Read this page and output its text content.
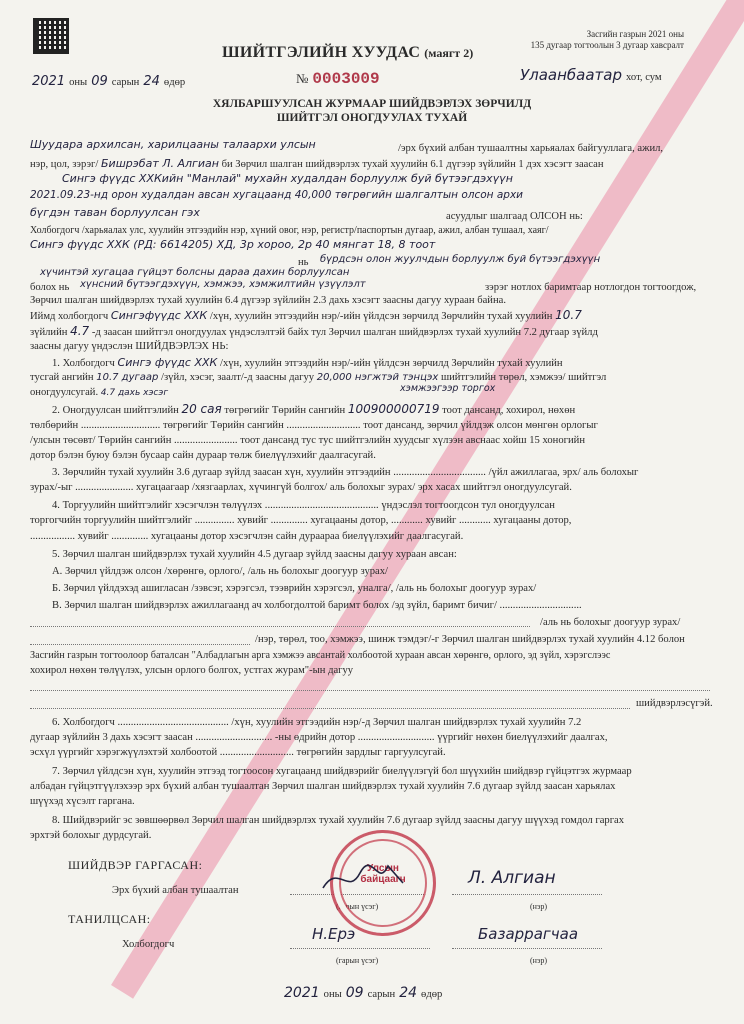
Засгийн газрын 2021 оны
135 дугаар тогтоолын 3 дугаар хавсралт
ШИЙТГЭЛИЙН ХУУДАС (маягт 2)
2021 оны 09 сарын 24 өдөр	№ 0003009	Улаанбаатар хот, сум
ХЯЛБАРШУУЛСАН ЖУРМААР ШИЙДВЭРЛЭХ ЗӨРЧИЛД
ШИЙТГЭЛ ОНОГДУУЛАХ ТУХАЙ
Шуудара архилсан, харилцааны талаархи улсын	/эрх бүхий албан тушаалтны харьяалах байгууллага, ажил,
нэр, цол, зэрэг/ Бишрэбат Л. Алгиан би Зөрчил шалган шийдвэрлэх тухай хуулийн 6.1 дүгээр зүйлийн 1 дэх хэсэгт заасан
Сингэ фүүдс ХХКийн "Манлай" мухайн худалдан борлуулж буй бүтээгдэхүүн
2021.09.23-нд орон худалдан авсан хугацаанд 40,000 төгрөгийн шалгалтын олсон архи
бүгдэн таван борлуулсан гэх	асуудлыг шалгаад ОЛСОН нь:
Холбогдогч /харьяалах улс, хуулийн этгээдийн нэр, хүний овог, нэр, регистр/паспортын дугаар, ажил, албан тушаал, хаяг/
Сингэ фүүдс ХХК (РД: 6614205) ХД, 3р хороо, 2р 40 мянгат 18, 8 тоот
нь бүрдсэн олон жуулчдын борлуулж буй бүтээгдэхүүн
хүчинтэй хугацаа гүйцэт болсны дараа дахин борлуулсан
болох нь хүнсний бүтээгдэхүүн, хэмжээ, хэмжилтийн үзүүлэлт	зэрэг нотлох баримтаар нотлогдон тогтоогдож,
Зөрчил шалган шийдвэрлэх тухай хуулийн 6.4 дүгээр зүйлийн 2.3 дахь хэсэгт заасны дагуу хураан байна.
Иймд холбогдогч Сингэфүүдс ХХК /хүн, хуулийн этгээдийн нэр/-ийн үйлдсэн зөрчилд Зөрчлийн тухай хуулийн 10.7
зүйлийн 4.7 -д заасан шийтгэл оногдуулах үндэслэлтэй байх тул Зөрчил шалган шийдвэрлэх тухай хуулийн 7.2 дугаар зүйлд
заасны дагуу үндэслэн ШИЙДВЭРЛЭХ НЬ:
1. Холбогдогч Сингэ фүүдс ХХК /хүн, хуулийн этгээдийн нэр/-ийн үйлдсэн зөрчилд Зөрчлийн тухай хуулийн
тусгай ангийн 10.7 дугаар /зүйл, хэсэг, заалт/-д заасны дагуу 20,000 нэгжтэй тэнцэх шийтгэлийн төрөл, хэмжээ/ шийтгэл
оногдуулсугай. 4.7 дахь хэсэг	хэмжээгээр торгох
2. Оногдуулсан шийтгэлийн 20 сая төгрөгийг Төрийн сангийн 100900000719 тоот дансанд, хохирол, нөхөн
төлбөрийн .............................. төгрөгийг Төрийн сангийн ............................ тоот дансанд, зөрчил үйлдэж олсон мөнгөн орлогыг
/улсын төсөвт/ Төрийн сангийн ........................ тоот дансанд тус тус шийтгэлийн хуудсыг хүлээн авснаас хойш 15 хоногийн
дотор бэлэн буюу бэлэн бусаар сайн дураар төлж биелүүлэхийг даалгасугай.
3. Зөрчлийн тухай хуулийн 3.6 дугаар зүйлд заасан хүн, хуулийн этгээдийн ................................... /үйл ажиллагаа, эрх/ аль болохыг
зурах/-ыг ...................... хугацаагаар /хязгаарлах, хүчингүй болгох/ аль болохыг зурах/ эрх хасах шийтгэл оногдуулсугай.
4. Торгуулийн шийтгэлийг хэсэгчлэн төлүүлэх ........................................... үндэслэл тогтоогдсон тул оногдуулсан
торгогчийн торгуулийн шийтгэлийг ............... хувийг .............. хугацааны дотор, ............ хувийг ............ хугацааны дотор,
................. хувийг .............. хугацааны дотор хэсэгчлэн сайн дураараа биелүүлэхийг даалгасугай.
5. Зөрчил шалган шийдвэрлэх тухай хуулийн 4.5 дугаар зүйлд заасны дагуу хураан авсан:
А. Зөрчил үйлдэж олсон /хөрөнгө, орлого/, /аль нь болохыг доогуур зурах/
Б. Зөрчил үйлдэхэд ашигласан /зэвсэг, хэрэгсэл, тээврийн хэрэгсэл, уналга/, /аль нь болохыг доогуур зурах/
В. Зөрчил шалган шийдвэрлэх ажиллагаанд ач холбогдолтой баримт болох /эд зүйл, баримт бичиг/ ...............................
/аль нь болохыг доогуур зурах/
/нэр, төрөл, тоо, хэмжээ, шинж тэмдэг/-г Зөрчил шалган шийдвэрлэх тухай хуулийн 4.12 болон
Засгийн газрын тогтоолоор баталсан "Албадлагын арга хэмжээ авсантай холбоотой хураан авсан хөрөнгө, орлого, эд зүйл, хэрэгслээс
хохирол нөхөн төлүүлэх, улсын орлого болгох, устгах журам"-ын дагуу
шийдвэрлэсүгэй.
6. Холбогдогч .......................................... /хүн, хуулийн этгээдийн нэр/-д Зөрчил шалган шийдвэрлэх тухай хуулийн 7.2
дугаар зүйлийн 3 дахь хэсэгт заасан ............................. -ны өдрийн дотор ............................. үүргийг нөхөн биелүүлэхийг даалгах,
эсхүл үүргийг хэрэгжүүлэхтэй холбоотой ............................ төгрөгийн зардлыг гаргуулсугай.
7. Зөрчил үйлдсэн хүн, хуулийн этгээд тогтоосон хугацаанд шийдвэрийг биелүүлэгүй бол шүүхийн шийдвэр гүйцэтгэх журмаар
албадан гүйцэтгүүлэхээр эрх бүхий албан тушаалтан Зөрчил шалган шийдвэрлэх тухай хуулийн 7.6 дугаар зүйлд заасан харьялах
шүүхэд хүсэлт гаргана.
8. Шийдвэрийг эс зөвшөөрвөл Зөрчил шалган шийдвэрлэх тухай хуулийн 7.6 дугаар зүйлд заасны дагуу шүүхэд гомдол гаргах
эрхтэй болохыг дурдсугай.
ШИЙДВЭР ГАРГАСАН:
Эрх бүхий албан тушаалтан
(гарын үсэг)
Л. Алгиан
(нэр)
Улсын байцаагч
ТАНИЛЦСАН:
Холбогдогч
Н.Ерэ
(гарын үсэг)
Базаррагчаа
(нэр)
2021 оны 09 сарын 24 өдөр
